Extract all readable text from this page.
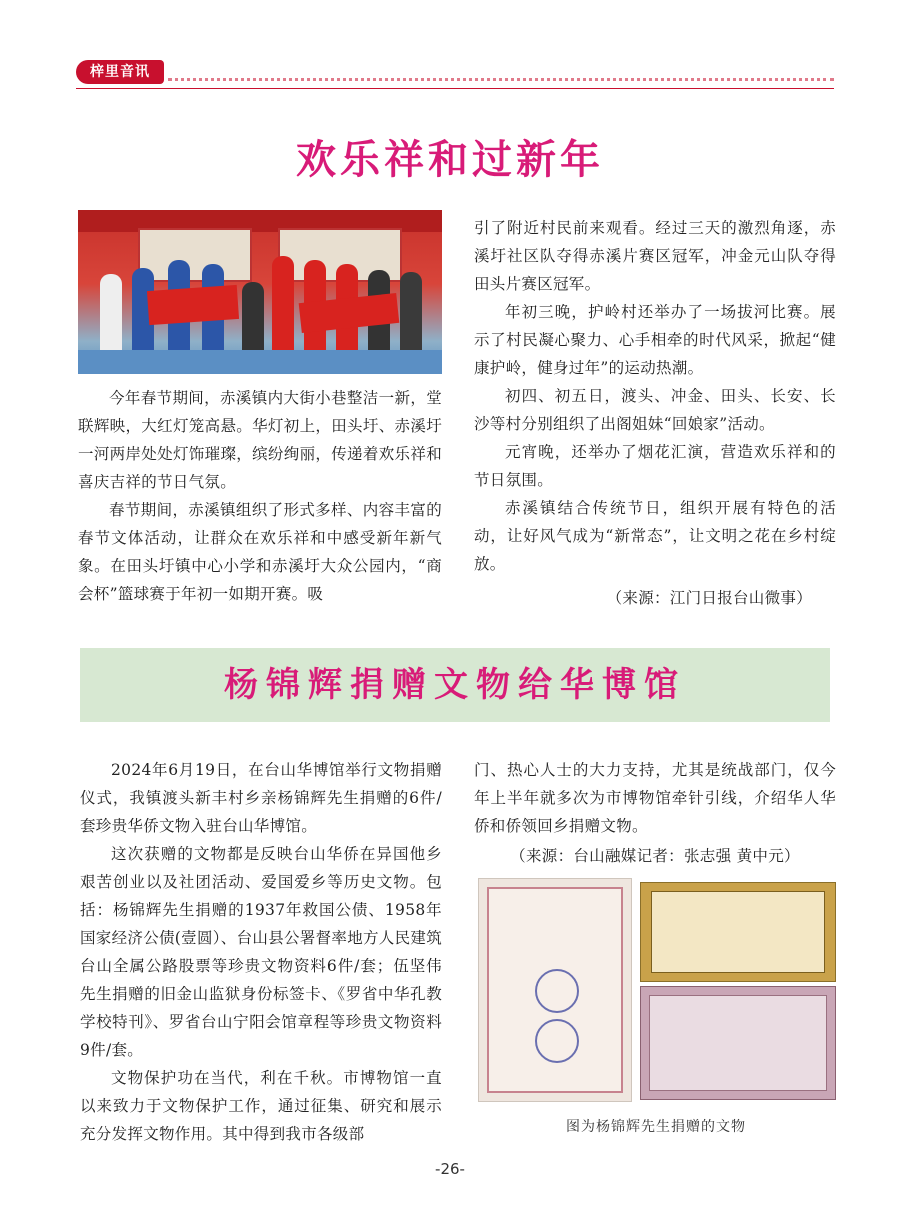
梓里音讯
欢乐祥和过新年

今年春节期间，赤溪镇内大街小巷整洁一新，堂联辉映，大红灯笼高悬。华灯初上，田头圩、赤溪圩一河两岸处处灯饰璀璨，缤纷绚丽，传递着欢乐祥和喜庆吉祥的节日气氛。

春节期间，赤溪镇组织了形式多样、内容丰富的春节文体活动，让群众在欢乐祥和中感受新年新气象。在田头圩镇中心小学和赤溪圩大众公园内，“商会杯”篮球赛于年初一如期开赛。吸

引了附近村民前来观看。经过三天的激烈角逐，赤溪圩社区队夺得赤溪片赛区冠军，冲金元山队夺得田头片赛区冠军。

年初三晚，护岭村还举办了一场拔河比赛。展示了村民凝心聚力、心手相牵的时代风采，掀起“健康护岭，健身过年”的运动热潮。

初四、初五日，渡头、冲金、田头、长安、长沙等村分别组织了出阁姐妹“回娘家”活动。

元宵晚，还举办了烟花汇演，营造欢乐祥和的节日氛围。

赤溪镇结合传统节日，组织开展有特色的活动，让好风气成为“新常态”，让文明之花在乡村绽放。

（来源：江门日报台山微事）

杨锦辉捐赠文物给华博馆

2024年6月19日，在台山华博馆举行文物捐赠仪式，我镇渡头新丰村乡亲杨锦辉先生捐赠的6件/套珍贵华侨文物入驻台山华博馆。

这次获赠的文物都是反映台山华侨在异国他乡艰苦创业以及社团活动、爱国爱乡等历史文物。包括：杨锦辉先生捐赠的1937年救国公债、1958年国家经济公债(壹圆）、台山县公署督率地方人民建筑台山全属公路股票等珍贵文物资料6件/套；伍坚伟先生捐赠的旧金山监狱身份标签卡、《罗省中华孔教学校特刊》、罗省台山宁阳会馆章程等珍贵文物资料9件/套。

文物保护功在当代，利在千秋。市博物馆一直以来致力于文物保护工作，通过征集、研究和展示充分发挥文物作用。其中得到我市各级部

门、热心人士的大力支持，尤其是统战部门，仅今年上半年就多次为市博物馆牵针引线，介绍华人华侨和侨领回乡捐赠文物。

（来源：台山融媒记者：张志强 黄中元）

图为杨锦辉先生捐赠的文物
-26-
